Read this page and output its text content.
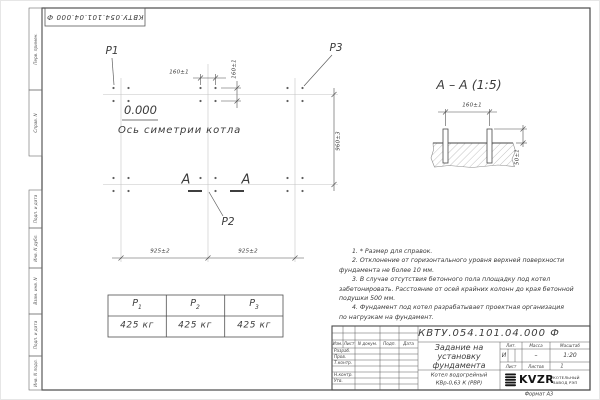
КВТУ.054.101.04.000 Ф
Перв. примен.
Справ. N
Подп. и дата
Инв. N дубл.
Взам. инв. N
Подп. и дата
Инв. N подл.
Р1	Р3
Р2
0.000
Ось симетрии котла
160±1	160±1
960±3
925±2	925±2
А	А
А – А (1:5)
160±1
50±1
1. * Размер для справок.
2. Отклонение от горизонтального уровня верхней поверхности
фундамента не более 10 мм.
3. В случае отсутствия бетонного пола площадку под котел
забетонировать. Расстояние от осей крайних колонн до края бетонной
подушки 500 мм.
4. Фундамент под котел разрабатывает проектная организация
по нагрузкам на фундамент.
$Р_1$	$Р_2$	$Р_3$
425 кг	425 кг	425 кг
КВТУ.054.101.04.000 Ф
Задание на
установку
фундамента
Котел водогрейный
КВр-0,63 К (РВР)
Изм. Лист N докум. Подп. Дата
Разраб.
Пров.
Т.контр.
Н.контр.
Утв.
Лит.	Масса	Масштаб
И	–	1:20
Лист	Листов	1
KVZR
КОТЕЛЬНЫЙ
ЗАВОД РЭП
Формат А3
